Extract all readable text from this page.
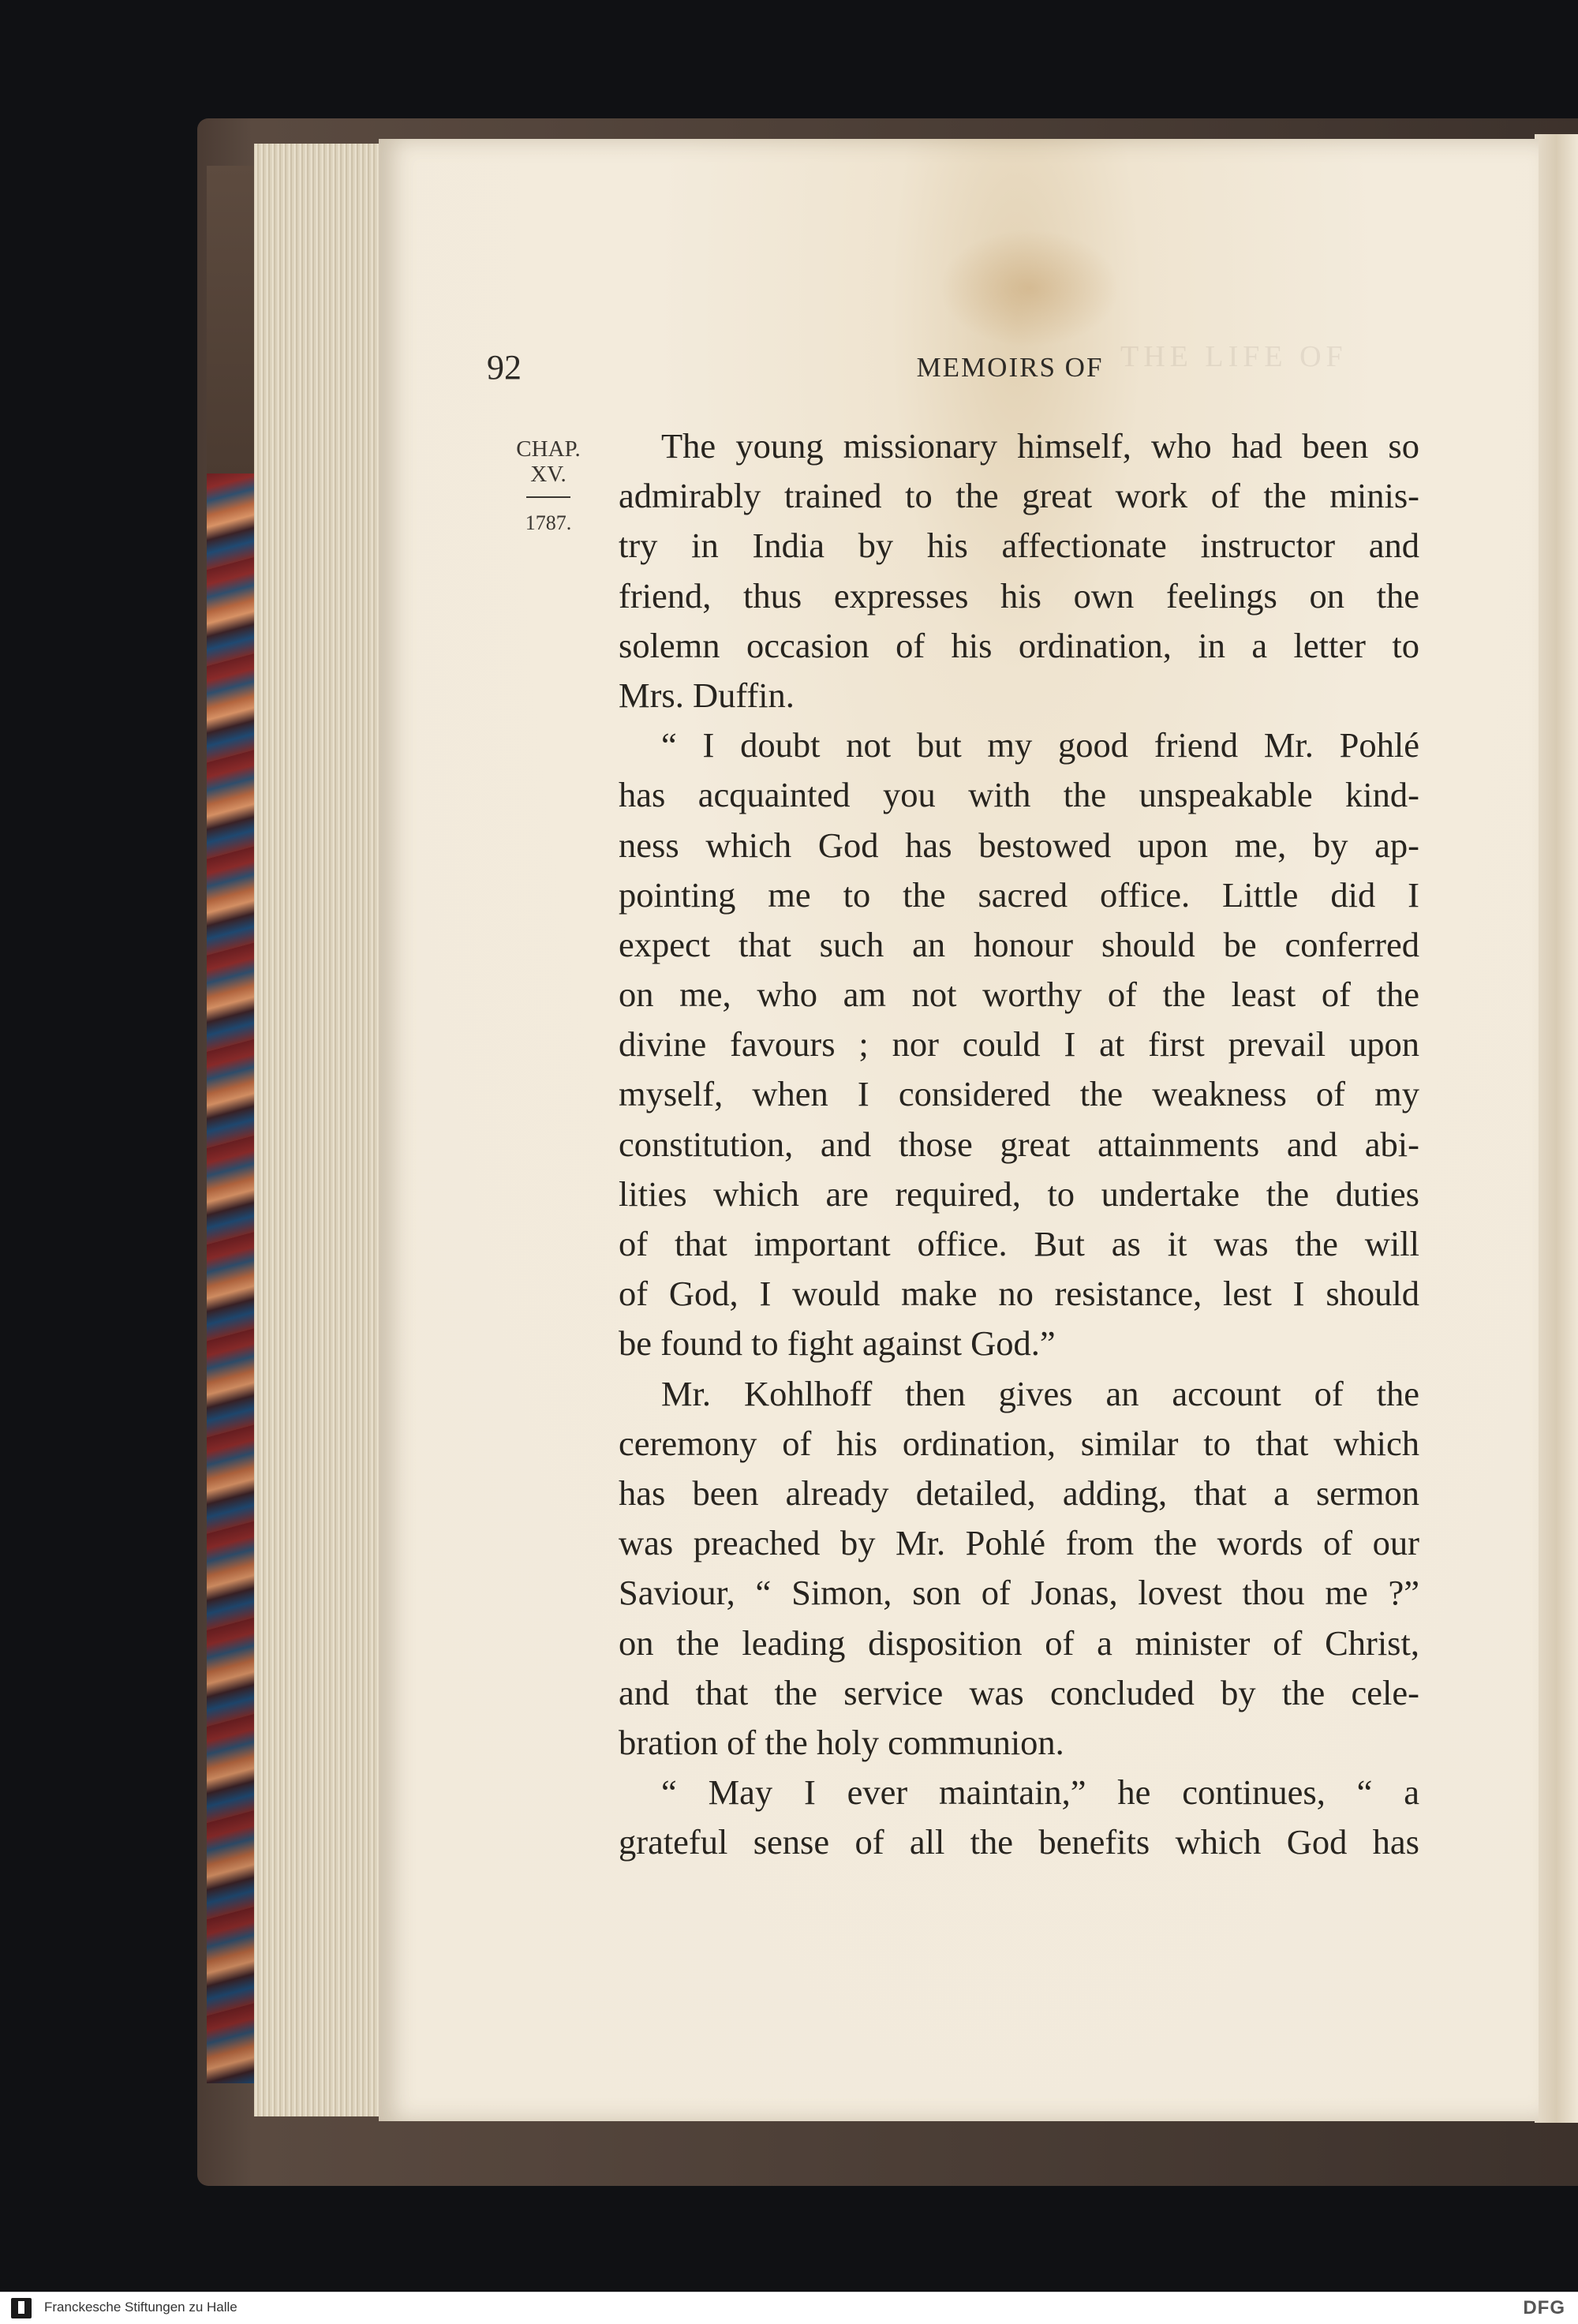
THE LIFE OF
92	MEMOIRS OF
CHAP.
XV.
1787.
The young missionary himself, who had been so
admirably trained to the great work of the minis-
try in India by his affectionate instructor and
friend, thus expresses his own feelings on the
solemn occasion of his ordination, in a letter to
Mrs. Duffin.
“ I doubt not but my good friend Mr. Pohlé
has acquainted you with the unspeakable kind-
ness which God has bestowed upon me, by ap-
pointing me to the sacred office. Little did I
expect that such an honour should be conferred
on me, who am not worthy of the least of the
divine favours ; nor could I at first prevail upon
myself, when I considered the weakness of my
constitution, and those great attainments and abi-
lities which are required, to undertake the duties
of that important office. But as it was the will
of God, I would make no resistance, lest I should
be found to fight against God.”
Mr. Kohlhoff then gives an account of the
ceremony of his ordination, similar to that which
has been already detailed, adding, that a sermon
was preached by Mr. Pohlé from the words of our
Saviour, “ Simon, son of Jonas, lovest thou me ?”
on the leading disposition of a minister of Christ,
and that the service was concluded by the cele-
bration of the holy communion.
“ May I ever maintain,” he continues, “ a
grateful sense of all the benefits which God has
Franckesche Stiftungen zu Halle	DFG
